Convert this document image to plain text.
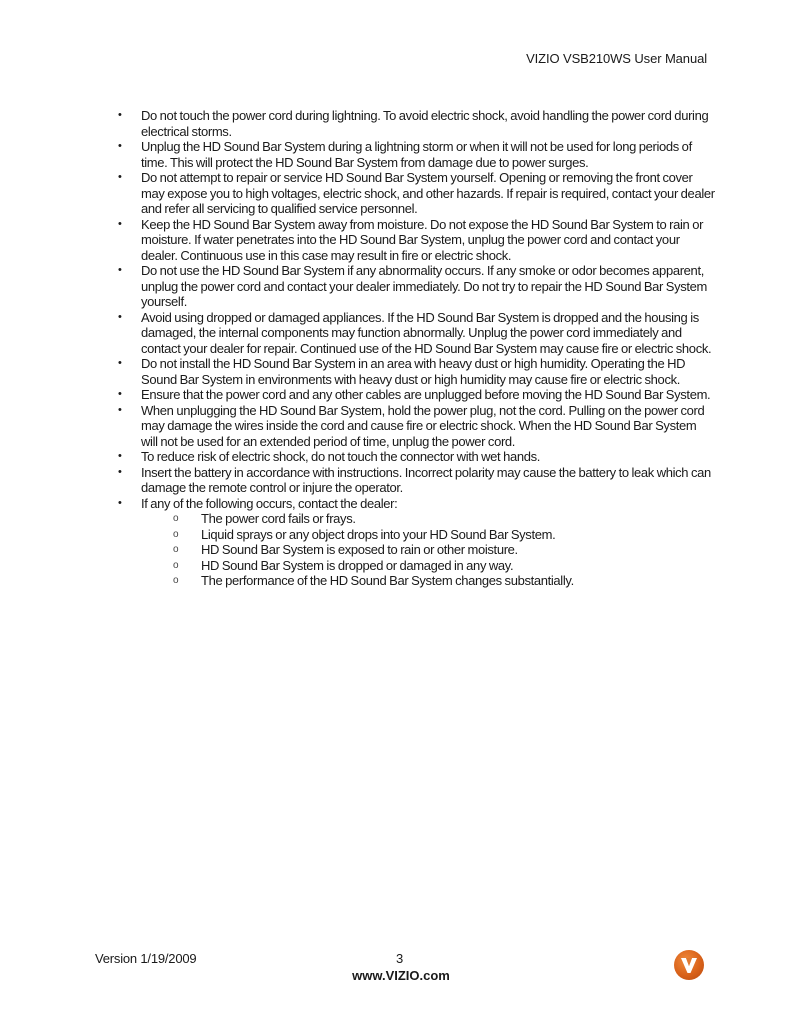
VIZIO VSB210WS User Manual
• Do not touch the power cord during lightning. To avoid electric shock, avoid handling the power cord during electrical storms.
• Unplug the HD Sound Bar System during a lightning storm or when it will not be used for long periods of time. This will protect the HD Sound Bar System from damage due to power surges.
• Do not attempt to repair or service HD Sound Bar System yourself. Opening or removing the front cover may expose you to high voltages, electric shock, and other hazards. If repair is required, contact your dealer and refer all servicing to qualified service personnel.
• Keep the HD Sound Bar System away from moisture. Do not expose the HD Sound Bar System to rain or moisture. If water penetrates into the HD Sound Bar System, unplug the power cord and contact your dealer. Continuous use in this case may result in fire or electric shock.
• Do not use the HD Sound Bar System if any abnormality occurs. If any smoke or odor becomes apparent, unplug the power cord and contact your dealer immediately. Do not try to repair the HD Sound Bar System yourself.
• Avoid using dropped or damaged appliances. If the HD Sound Bar System is dropped and the housing is damaged, the internal components may function abnormally. Unplug the power cord immediately and contact your dealer for repair. Continued use of the HD Sound Bar System may cause fire or electric shock.
• Do not install the HD Sound Bar System in an area with heavy dust or high humidity. Operating the HD Sound Bar System in environments with heavy dust or high humidity may cause fire or electric shock.
• Ensure that the power cord and any other cables are unplugged before moving the HD Sound Bar System.
• When unplugging the HD Sound Bar System, hold the power plug, not the cord. Pulling on the power cord may damage the wires inside the cord and cause fire or electric shock. When the HD Sound Bar System will not be used for an extended period of time, unplug the power cord.
• To reduce risk of electric shock, do not touch the connector with wet hands.
• Insert the battery in accordance with instructions. Incorrect polarity may cause the battery to leak which can damage the remote control or injure the operator.
• If any of the following occurs, contact the dealer:
o The power cord fails or frays.
o Liquid sprays or any object drops into your HD Sound Bar System.
o HD Sound Bar System is exposed to rain or other moisture.
o HD Sound Bar System is dropped or damaged in any way.
o The performance of the HD Sound Bar System changes substantially.
Version 1/19/2009	3
www.VIZIO.com
